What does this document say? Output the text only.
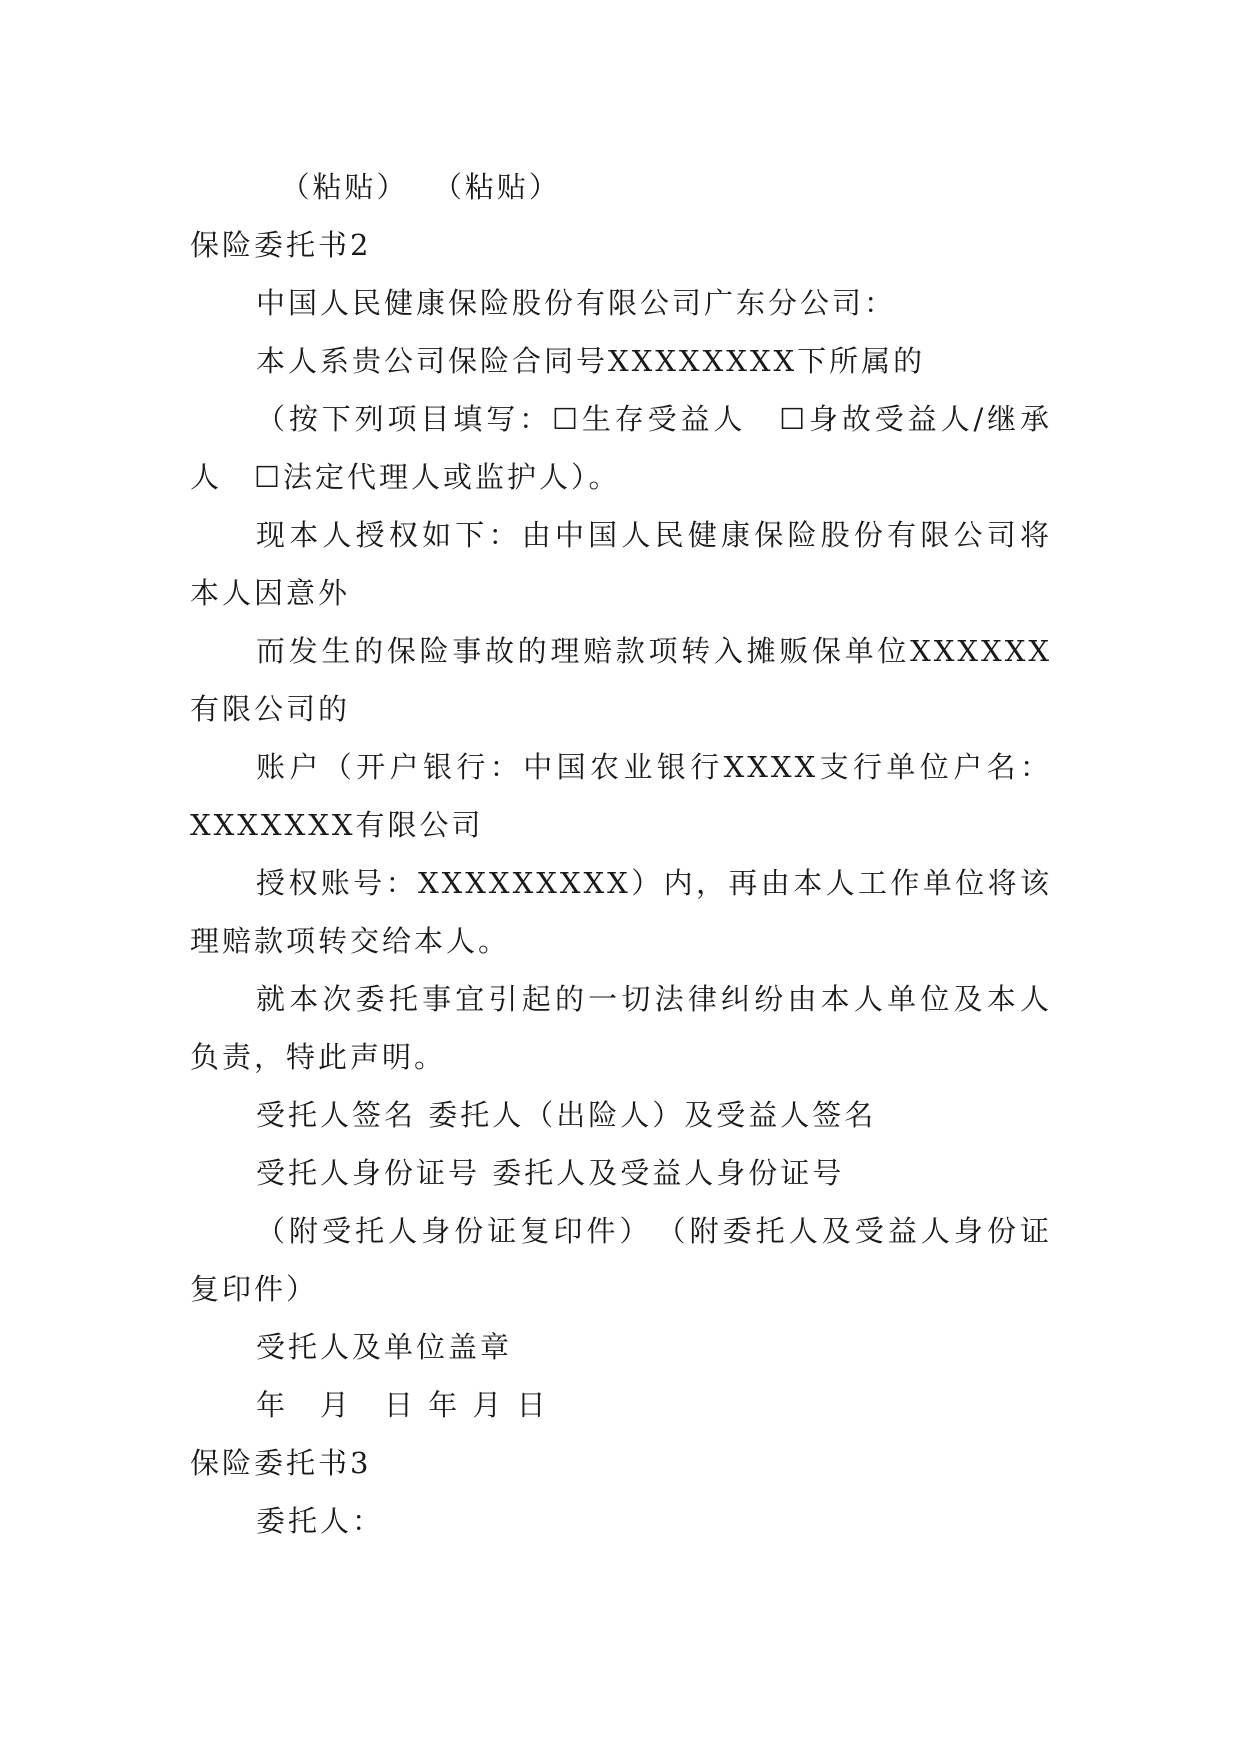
（粘贴）  （粘贴）

保险委托书2

中国人民健康保险股份有限公司广东分公司：

本人系贵公司保险合同号XXXXXXXX下所属的

（按下列项目填写：☐生存受益人　☐身故受益人/继承人　☐法定代理人或监护人）。

现本人授权如下：由中国人民健康保险股份有限公司将本人因意外

而发生的保险事故的理赔款项转入摊贩保单位XXXXXX有限公司的

账户（开户银行：中国农业银行XXXX支行单位户名：XXXXXXX有限公司

授权账号：XXXXXXXXX）内，再由本人工作单位将该理赔款项转交给本人。

就本次委托事宜引起的一切法律纠纷由本人单位及本人负责，特此声明。

受托人签名 委托人（出险人）及受益人签名

受托人身份证号 委托人及受益人身份证号

（附受托人身份证复印件）　（附委托人及受益人身份证复印件）

受托人及单位盖章

年　月　日 年 月 日

保险委托书3

委托人：
